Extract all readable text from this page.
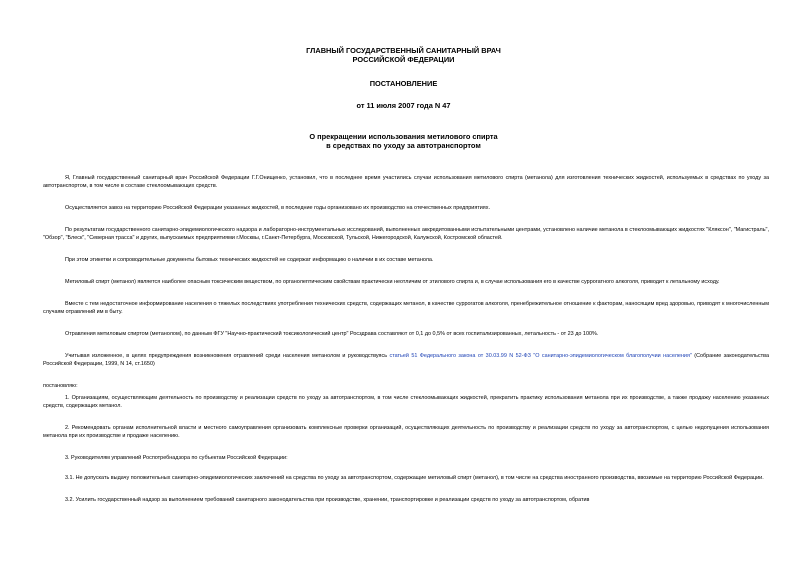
ГЛАВНЫЙ ГОСУДАРСТВЕННЫЙ САНИТАРНЫЙ ВРАЧ
РОССИЙСКОЙ ФЕДЕРАЦИИ
ПОСТАНОВЛЕНИЕ
от 11 июля 2007 года N 47
О прекращении использования метилового спирта
в средствах по уходу за автотранспортом

Я, Главный государственный санитарный врач Российской Федерации Г.Г.Онищенко, установил, что в последнее время участились случаи использования метилового спирта (метанола) для изготовления технических жидкостей, используемых в средствах по уходу за автотранспортом, в том числе в составе стеклоомывающих средств.

Осуществляется завоз на территорию Российской Федерации указанных жидкостей, в последние годы организовано их производство на отечественных предприятиях.

По результатам государственного санитарно-эпидемиологического надзора и лабораторно-инструментальных исследований, выполненных аккредитованными испытательными центрами, установлено наличие метанола в стеклоомывающих жидкостях "Кляксон", "Магистраль", "Обзор", "Блеск", "Северная трасса" и других, выпускаемых предприятиями г.Москвы, г.Санкт-Петербурга, Московской, Тульской, Нижегородской, Калужской, Костромской областей.

При этом этикетки и сопроводительные документы бытовых технических жидкостей не содержат информацию о наличии в их составе метанола.

Метиловый спирт (метанол) является наиболее опасным токсическим веществом, по органолептическим свойствам практически неотличим от этилового спирта и, в случае использования его в качестве суррогатного алкоголя, приводит к летальному исходу.

Вместе с тем недостаточное информирование населения о тяжелых последствиях употребления технических средств, содержащих метанол, в качестве суррогатов алкоголя, пренебрежительное отношение к факторам, наносящим вред здоровью, приводят к многочисленным случаям отравлений им в быту.

Отравления метиловым спиртом (метанолом), по данным ФГУ "Научно-практический токсикологический центр" Росздрава составляют от 0,1 до 0,5% от всех госпитализированных, летальность - от 23 до 100%.

Учитывая изложенное, в целях предупреждения возникновения отравлений среди населения метанолом и руководствуясь статьей 51 Федерального закона от 30.03.99 N 52-ФЗ "О санитарно-эпидемиологическом благополучии населения" (Собрание законодательства Российской Федерации, 1999, N 14, ст.1650)

постановляю:

1. Организациям, осуществляющим деятельность по производству и реализации средств по уходу за автотранспортом, в том числе стеклоомывающих жидкостей, прекратить практику использования метанола при их производстве, а также продажу населению указанных средств, содержащих метанол.

2. Рекомендовать органам исполнительной власти и местного самоуправления организовать комплексные проверки организаций, осуществляющих деятельность по производству и реализации средств по уходу за автотранспортом, с целью недопущения использования метанола при их производстве и продаже населению.

3. Руководителям управлений Роспотребнадзора по субъектам Российской Федерации:

3.1. Не допускать выдачу положительных санитарно-эпидемиологических заключений на средства по уходу за автотранспортом, содержащие метиловый спирт (метанол), в том числе на средства иностранного производства, ввозимые на территорию Российской Федерации.

3.2. Усилить государственный надзор за выполнением требований санитарного законодательства при производстве, хранении, транспортировке и реализации средств по уходу за автотранспортом, обратив
